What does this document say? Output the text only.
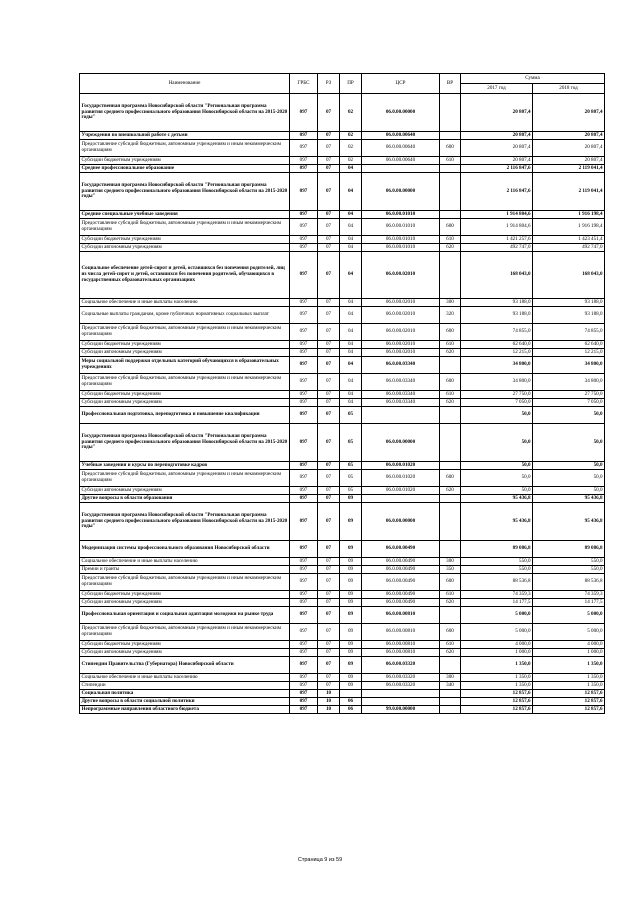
Наименование	ГРБС	РЗ	ПР	ЦСР	ВР	Сумма	
						2017 год	2018 год
Государственная программа Новосибирской области "Региональная программа развития среднего профессионального образования Новосибирской области на 2015-2020 годы"	097	07	02	06.0.00.00000		20 807,4	20 807,4
Учреждения по внешкольной работе с детьми	097	07	02	06.0.00.00640		20 807,4	20 807,4
Предоставление субсидий бюджетным, автономным учреждениям и иным некоммерческим организациям	097	07	02	06.0.00.00640	600	20 807,4	20 807,4
Субсидии бюджетным учреждениям	097	07	02	06.0.00.00640	610	20 807,4	20 807,4
Среднее профессиональное образование	097	07	04			2 116 847,6	2 119 041,4
Государственная программа Новосибирской области "Региональная программа развития среднего профессионального образования Новосибирской области на 2015-2020 годы"	097	07	04	06.0.00.00000		2 116 847,6	2 119 041,4
Средние специальные учебные заведения	097	07	04	06.0.00.01010		1 914 804,6	1 916 198,4
Предоставление субсидий бюджетным, автономным учреждениям и иным некоммерческим организациям	097	07	04	06.0.00.01010	600	1 914 804,6	1 916 198,4
Субсидии бюджетным учреждениям	097	07	04	06.0.00.01010	610	1 421 257,6	1 423 451,4
Субсидии автономным учреждениям	097	07	04	06.0.00.01010	620	492 747,0	492 747,0
Социальное обеспечение детей-сирот и детей, оставшихся без попечения родителей, лиц из числа детей-сирот и детей, оставшихся без попечения родителей, обучающихся в государственных образовательных организациях	097	07	04	06.0.00.02010		168 043,0	168 043,0
Социальное обеспечение и иные выплаты населению	097	07	04	06.0.00.02010	300	93 188,0	93 188,0
Социальные выплаты гражданам, кроме публичных нормативных социальных выплат	097	07	04	06.0.00.02010	320	93 188,0	93 188,0
Предоставление субсидий бюджетным, автономным учреждениям и иным некоммерческим организациям	097	07	04	06.0.00.02010	600	74 855,0	74 855,0
Субсидии бюджетным учреждениям	097	07	04	06.0.00.02010	610	62 640,0	62 640,0
Субсидии автономным учреждениям	097	07	04	06.0.00.02010	620	12 215,0	12 215,0
Меры социальной поддержки отдельных категорий обучающихся в образовательных учреждениях	097	07	04	06.0.00.03340		34 800,0	34 800,0
Предоставление субсидий бюджетным, автономным учреждениям и иным некоммерческим организациям	097	07	04	06.0.00.03340	600	34 800,0	34 800,0
Субсидии бюджетным учреждениям	097	07	04	06.0.00.03340	610	27 750,0	27 750,0
Субсидии автономным учреждениям	097	07	04	06.0.00.03340	620	7 050,0	7 050,0
Профессиональная подготовка, переподготовка и повышение квалификации	097	07	05			50,0	50,0
Государственная программа Новосибирской области "Региональная программа развития среднего профессионального образования Новосибирской области на 2015-2020 годы"	097	07	05	06.0.00.00000		50,0	50,0
Учебные заведения и курсы по переподготовке кадров	097	07	05	06.0.00.01020		50,0	50,0
Предоставление субсидий бюджетным, автономным учреждениям и иным некоммерческим организациям	097	07	05	06.0.00.01020	600	50,0	50,0
Субсидии автономным учреждениям	097	07	05	06.0.00.01020	620	50,0	50,0
Другие вопросы в области образования	097	07	09			95 436,8	95 436,8
Государственная программа Новосибирской области "Региональная программа развития среднего профессионального образования Новосибирской области на 2015-2020 годы"	097	07	09	06.0.00.00000		95 436,8	95 436,8
Модернизация системы профессионального образования Новосибирской области	097	07	09	06.0.00.00490		89 086,8	89 086,8
Социальное обеспечение и иные выплаты населению	097	07	09	06.0.00.00490	300	550,0	550,0
Премии и гранты	097	07	09	06.0.00.00490	350	550,0	550,0
Предоставление субсидий бюджетным, автономным учреждениям и иным некоммерческим организациям	097	07	09	06.0.00.00490	600	88 536,8	88 536,8
Субсидии бюджетным учреждениям	097	07	09	06.0.00.00490	610	74 359,3	74 359,3
Субсидии автономным учреждениям	097	07	09	06.0.00.00490	620	14 177,5	14 177,5
Профессиональная ориентация и социальная адаптация молодежи на рынке труда	097	07	09	06.0.00.00810		5 000,0	5 000,0
Предоставление субсидий бюджетным, автономным учреждениям и иным некоммерческим организациям	097	07	09	06.0.00.00810	600	5 000,0	5 000,0
Субсидии бюджетным учреждениям	097	07	09	06.0.00.00810	610	4 000,0	4 000,0
Субсидии автономным учреждениям	097	07	09	06.0.00.00810	620	1 000,0	1 000,0
Стипендии Правительства (Губернатора) Новосибирской области	097	07	09	06.0.00.03320		1 350,0	1 350,0
Социальное обеспечение и иные выплаты населению	097	07	09	06.0.00.03320	300	1 350,0	1 350,0
Стипендии	097	07	09	06.0.00.03320	340	1 350,0	1 350,0
Социальная политика	097	10				12 857,6	12 857,6
Другие вопросы в области социальной политики	097	10	06			12 857,6	12 857,6
Непрограммные направления областного бюджета	097	10	06	99.0.00.00000		12 857,6	12 857,6
Страница 9 из 59
